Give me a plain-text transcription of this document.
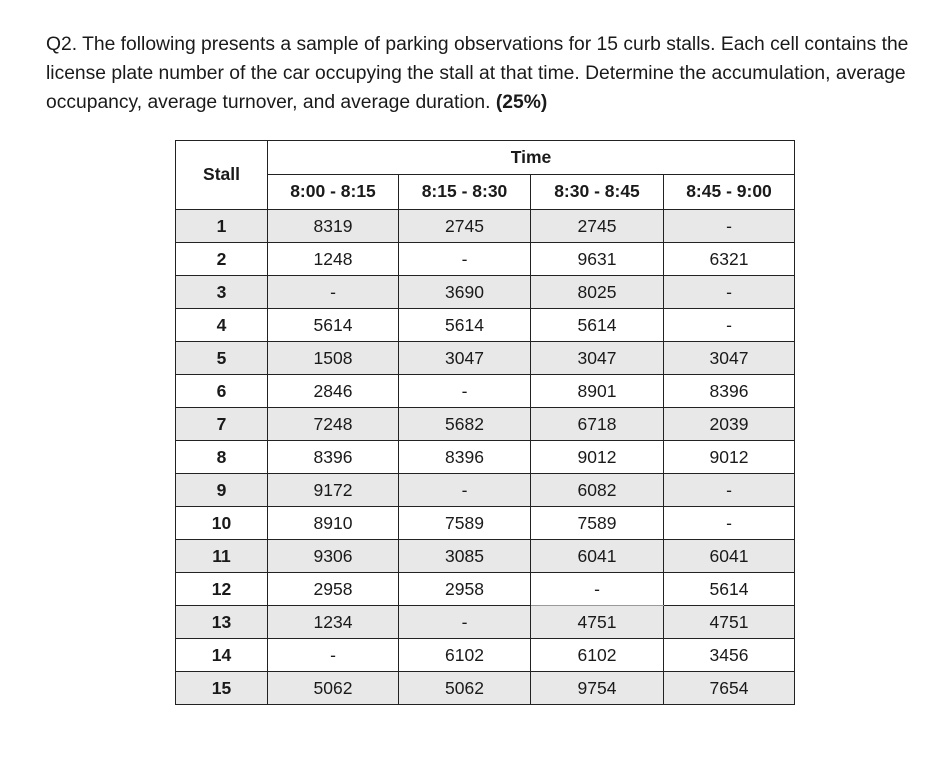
Q2. The following presents a sample of parking observations for 15 curb stalls. Each cell contains the license plate number of the car occupying the stall at that time. Determine the accumulation, average occupancy, average turnover, and average duration. (25%)
Stall	Time			
	8:00 - 8:15	8:15 - 8:30	8:30 - 8:45	8:45 - 9:00
1	8319	2745	2745	-
2	1248	-	9631	6321
3	-	3690	8025	-
4	5614	5614	5614	-
5	1508	3047	3047	3047
6	2846	-	8901	8396
7	7248	5682	6718	2039
8	8396	8396	9012	9012
9	9172	-	6082	-
10	8910	7589	7589	-
11	9306	3085	6041	6041
12	2958	2958	-	5614
13	1234	-	4751	4751
14	-	6102	6102	3456
15	5062	5062	9754	7654
